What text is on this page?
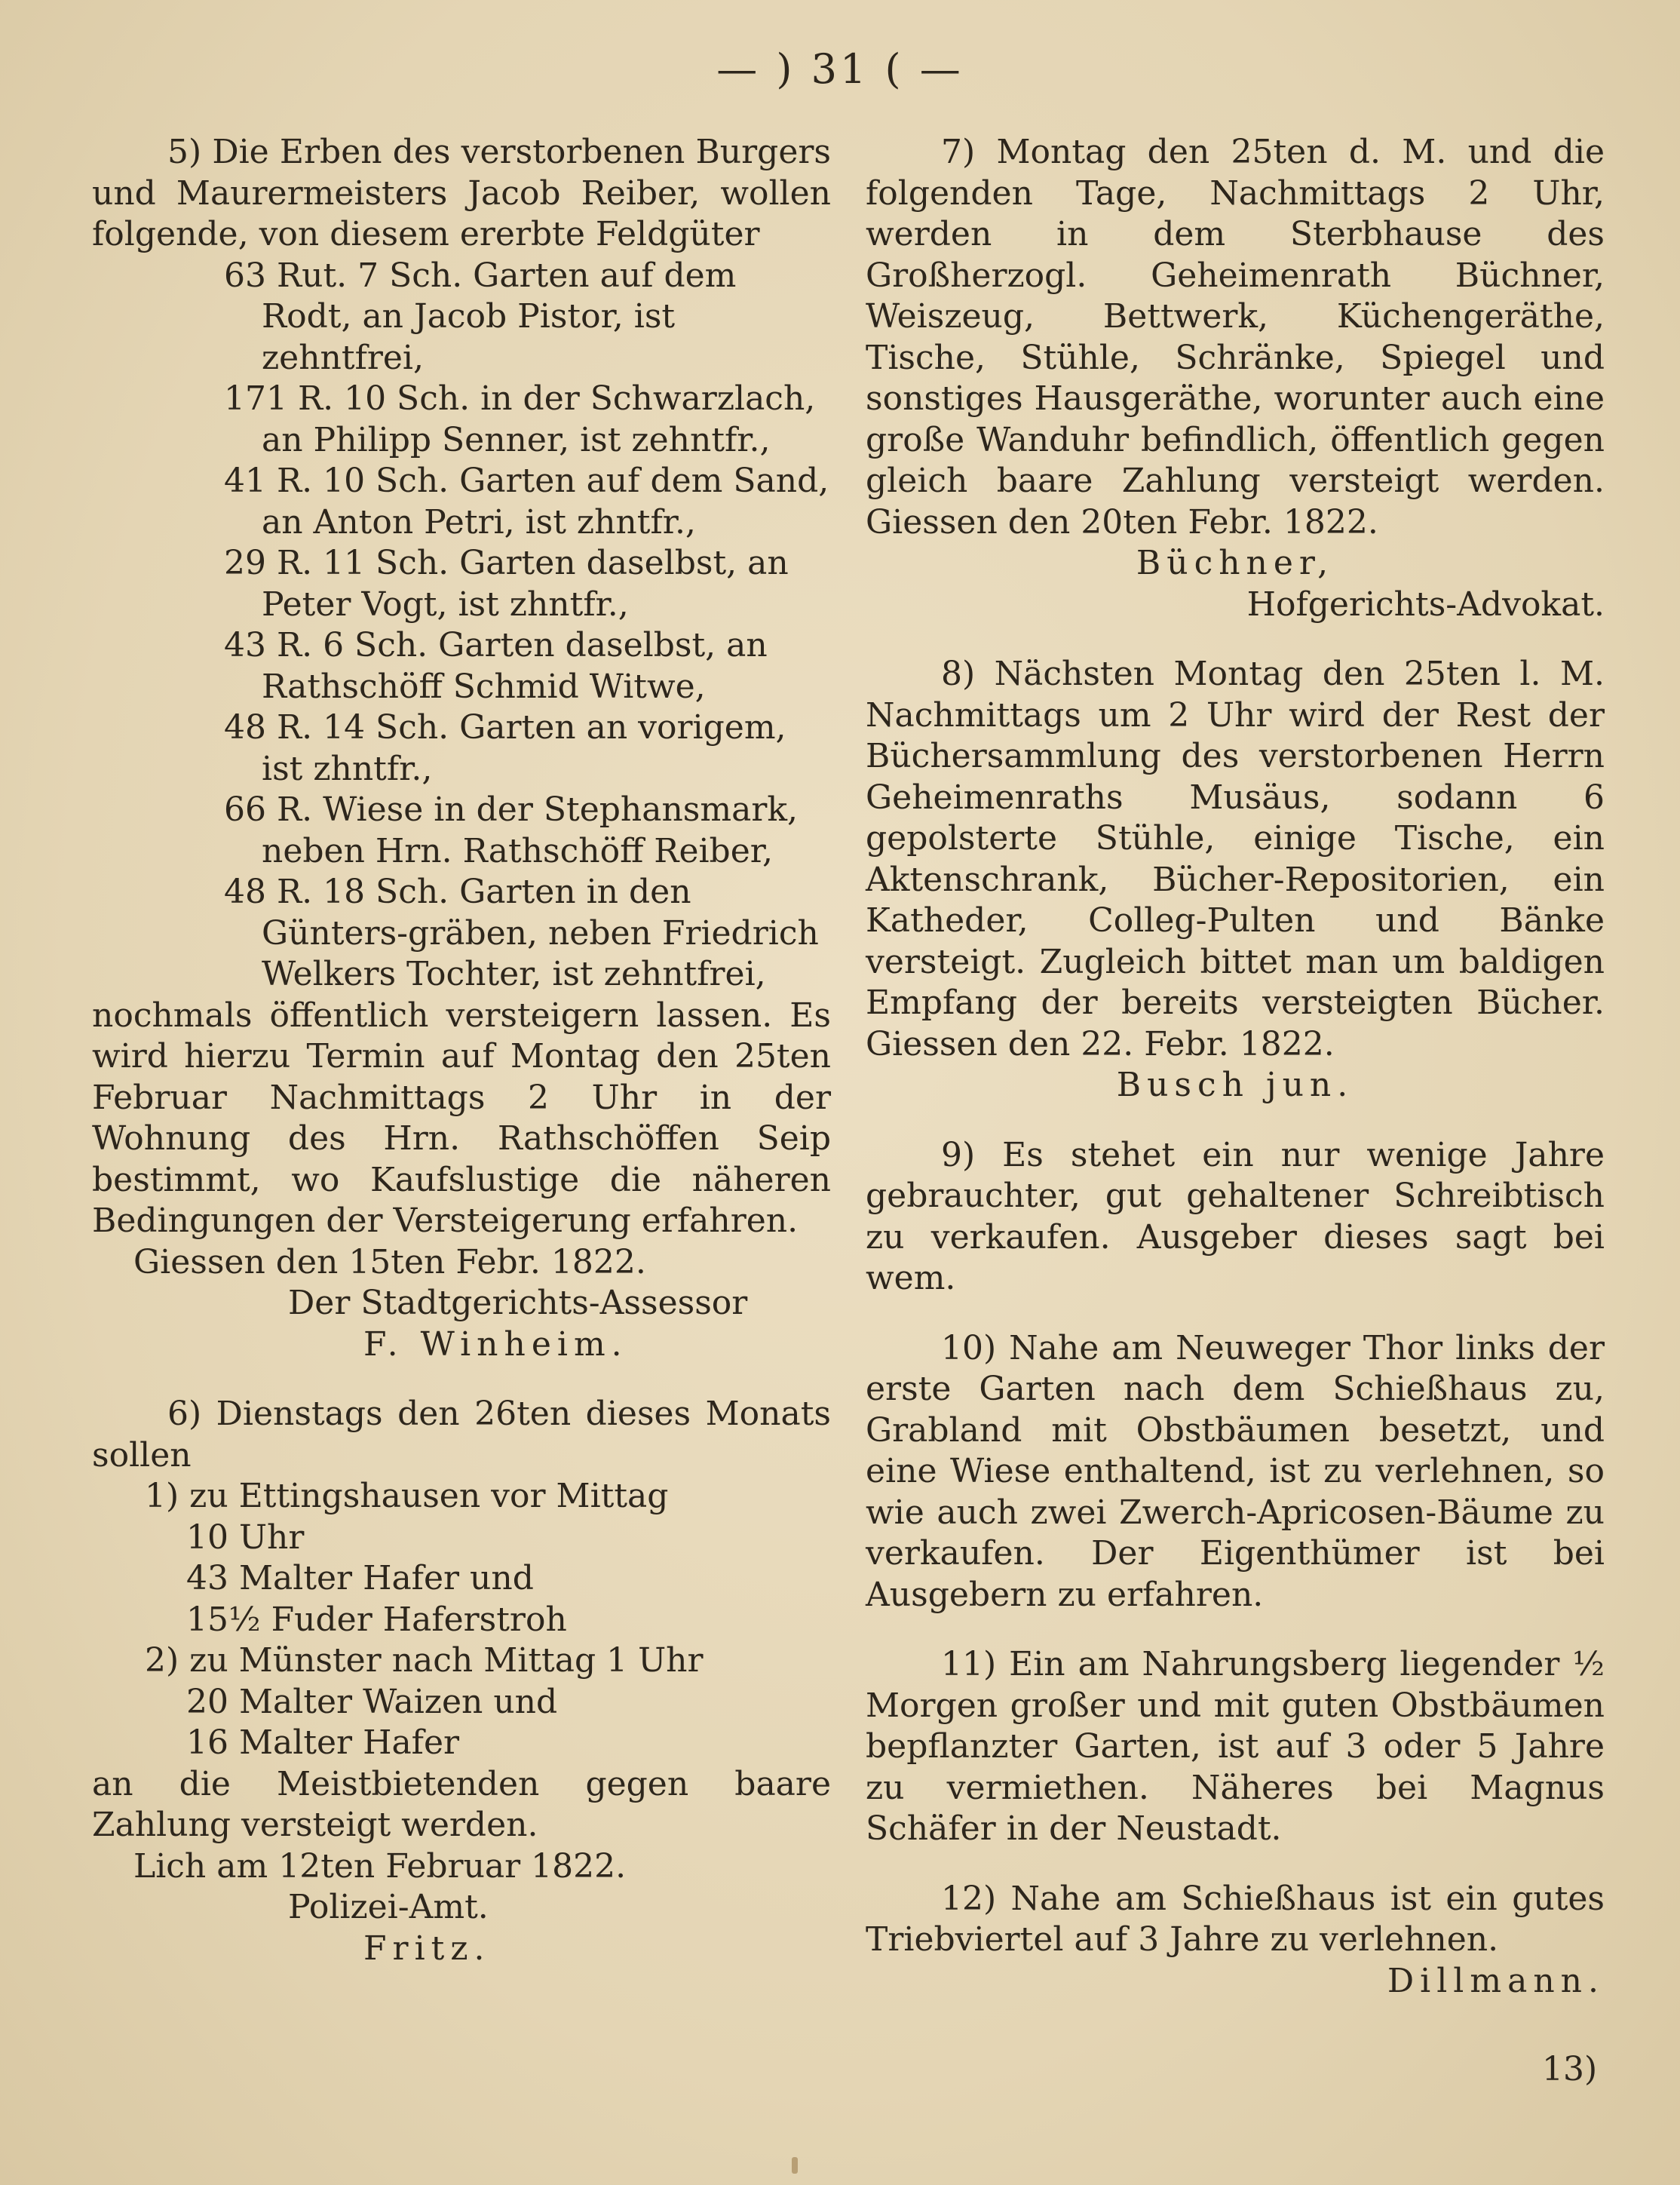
— ) 31 ( —

5) Die Erben des verstorbenen Burgers und Maurermeisters Jacob Reiber, wollen folgende, von diesem ererbte Feldgüter

63 Rut. 7 Sch. Garten auf dem Rodt, an Jacob Pistor, ist zehntfrei,

171 R. 10 Sch. in der Schwarzlach, an Philipp Senner, ist zehntfr.,

41 R. 10 Sch. Garten auf dem Sand, an Anton Petri, ist zhntfr.,

29 R. 11 Sch. Garten daselbst, an Peter Vogt, ist zhntfr.,

43 R. 6 Sch. Garten daselbst, an Rathschöff Schmid Witwe,

48 R. 14 Sch. Garten an vorigem, ist zhntfr.,

66 R. Wiese in der Stephansmark, neben Hrn. Rathschöff Reiber,

48 R. 18 Sch. Garten in den Günters-gräben, neben Friedrich Welkers Tochter, ist zehntfrei,

nochmals öffentlich versteigern lassen. Es wird hierzu Termin auf Montag den 25ten Februar Nachmittags 2 Uhr in der Wohnung des Hrn. Rathschöffen Seip bestimmt, wo Kaufslustige die näheren Bedingungen der Versteigerung erfahren.

Giessen den 15ten Febr. 1822.

Der Stadtgerichts-Assessor

F. Winheim.

6) Dienstags den 26ten dieses Monats sollen

1) zu Ettingshausen vor Mittag

10 Uhr

43 Malter Hafer und

15½ Fuder Haferstroh

2) zu Münster nach Mittag 1 Uhr

20 Malter Waizen und

16 Malter Hafer

an die Meistbietenden gegen baare Zahlung versteigt werden.

Lich am 12ten Februar 1822.

Polizei-Amt.

Fritz.

7) Montag den 25ten d. M. und die folgenden Tage, Nachmittags 2 Uhr, werden in dem Sterbhause des Großherzogl. Geheimenrath Büchner, Weiszeug, Bettwerk, Küchengeräthe, Tische, Stühle, Schränke, Spiegel und sonstiges Hausgeräthe, worunter auch eine große Wanduhr befindlich, öffentlich gegen gleich baare Zahlung versteigt werden. Giessen den 20ten Febr. 1822.

Büchner,

Hofgerichts-Advokat.

8) Nächsten Montag den 25ten l. M. Nachmittags um 2 Uhr wird der Rest der Büchersammlung des verstorbenen Herrn Geheimenraths Musäus, sodann 6 gepolsterte Stühle, einige Tische, ein Aktenschrank, Bücher-Repositorien, ein Katheder, Colleg-Pulten und Bänke versteigt. Zugleich bittet man um baldigen Empfang der bereits versteigten Bücher. Giessen den 22. Febr. 1822.

Busch jun.

9) Es stehet ein nur wenige Jahre gebrauchter, gut gehaltener Schreibtisch zu verkaufen. Ausgeber dieses sagt bei wem.

10) Nahe am Neuweger Thor links der erste Garten nach dem Schießhaus zu, Grabland mit Obstbäumen besetzt, und eine Wiese enthaltend, ist zu verlehnen, so wie auch zwei Zwerch-Apricosen-Bäume zu verkaufen. Der Eigenthümer ist bei Ausgebern zu erfahren.

11) Ein am Nahrungsberg liegender ½ Morgen großer und mit guten Obstbäumen bepflanzter Garten, ist auf 3 oder 5 Jahre zu vermiethen. Näheres bei Magnus Schäfer in der Neustadt.

12) Nahe am Schießhaus ist ein gutes Triebviertel auf 3 Jahre zu verlehnen.

Dillmann.

13)
